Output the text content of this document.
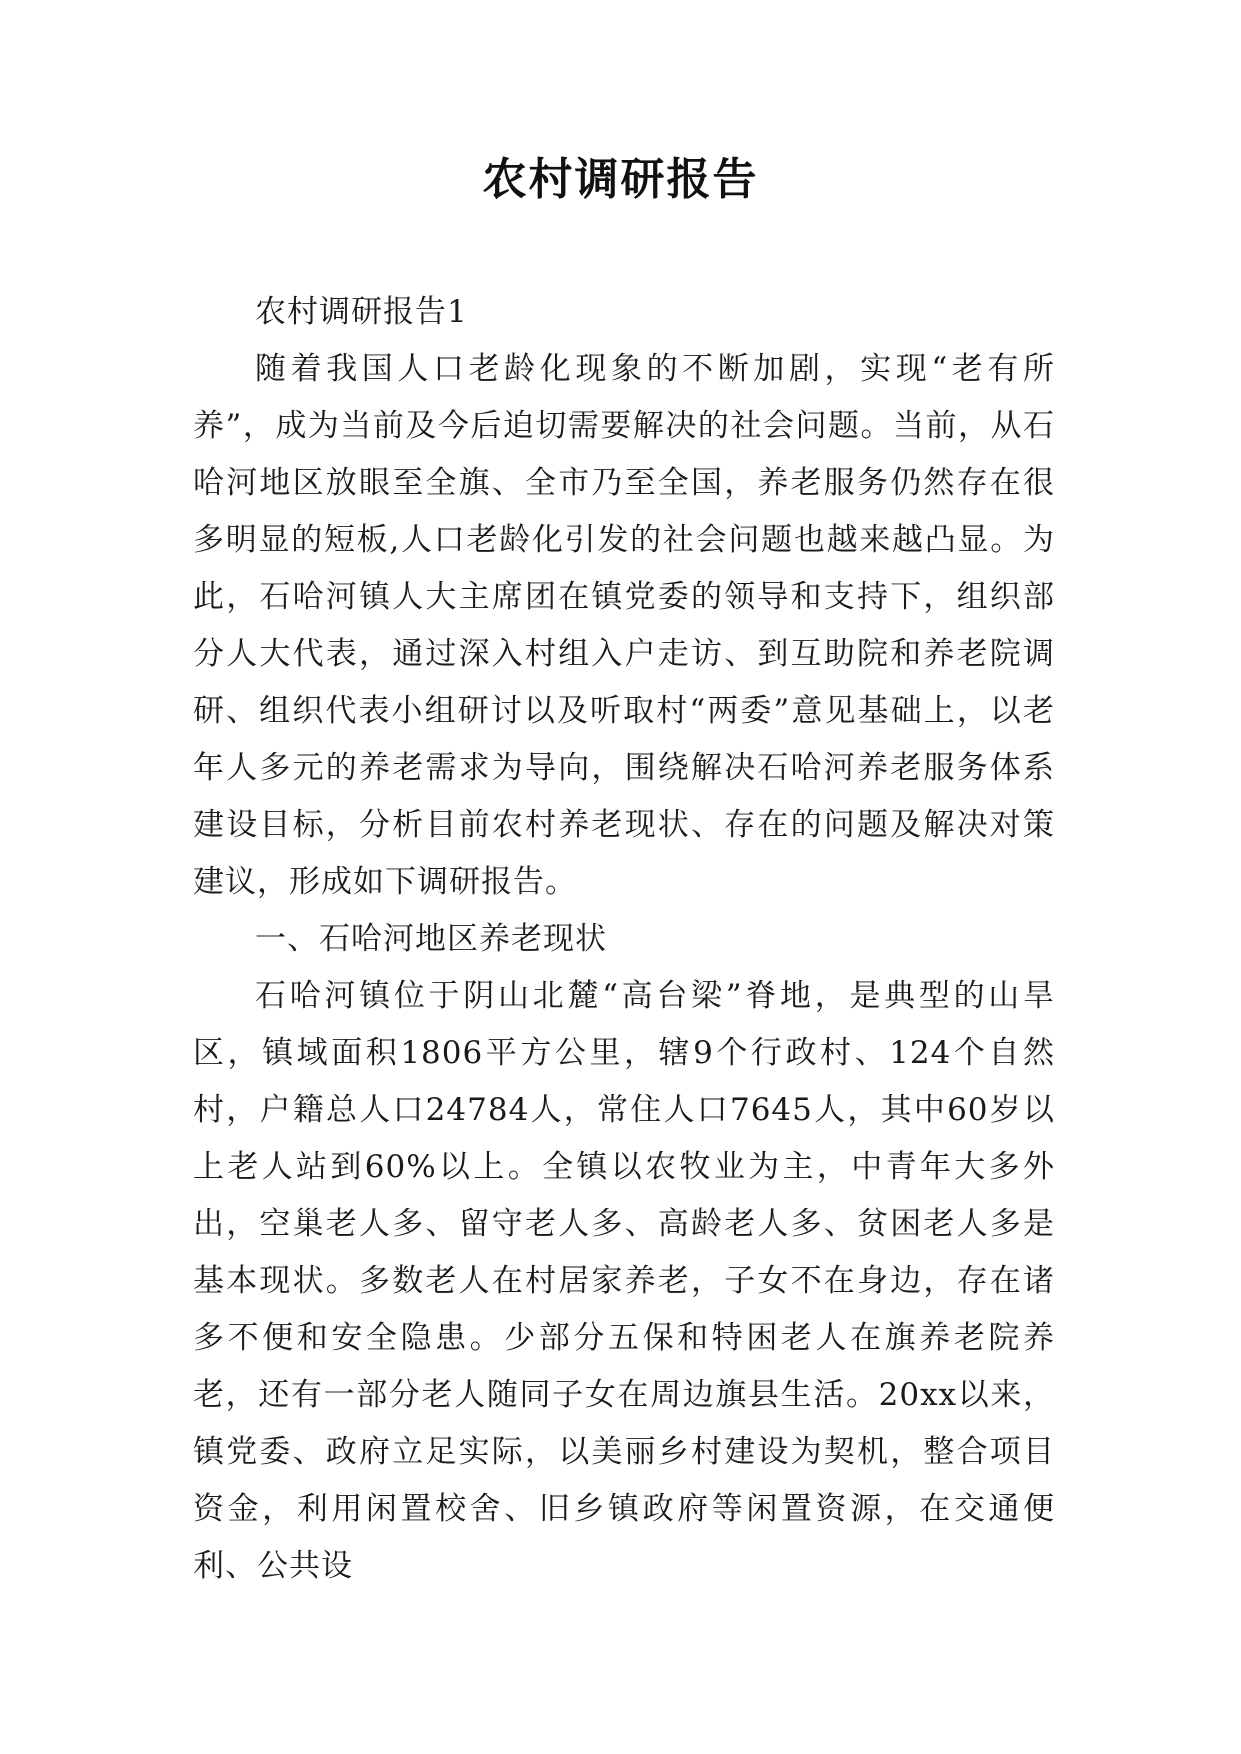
农村调研报告

农村调研报告1

随着我国人口老龄化现象的不断加剧，实现“老有所养”，成为当前及今后迫切需要解决的社会问题。当前，从石哈河地区放眼至全旗、全市乃至全国，养老服务仍然存在很多明显的短板,人口老龄化引发的社会问题也越来越凸显。为此，石哈河镇人大主席团在镇党委的领导和支持下，组织部分人大代表，通过深入村组入户走访、到互助院和养老院调研、组织代表小组研讨以及听取村“两委”意见基础上，以老年人多元的养老需求为导向，围绕解决石哈河养老服务体系建设目标，分析目前农村养老现状、存在的问题及解决对策建议，形成如下调研报告。

一、石哈河地区养老现状

石哈河镇位于阴山北麓“高台梁”脊地，是典型的山旱区，镇域面积1806平方公里，辖9个行政村、124个自然村，户籍总人口24784人，常住人口7645人，其中60岁以上老人站到60%以上。全镇以农牧业为主，中青年大多外出，空巢老人多、留守老人多、高龄老人多、贫困老人多是基本现状。多数老人在村居家养老，子女不在身边，存在诸多不便和安全隐患。少部分五保和特困老人在旗养老院养老，还有一部分老人随同子女在周边旗县生活。20xx以来，镇党委、政府立足实际，以美丽乡村建设为契机，整合项目资金，利用闲置校舍、旧乡镇政府等闲置资源，在交通便利、公共设
